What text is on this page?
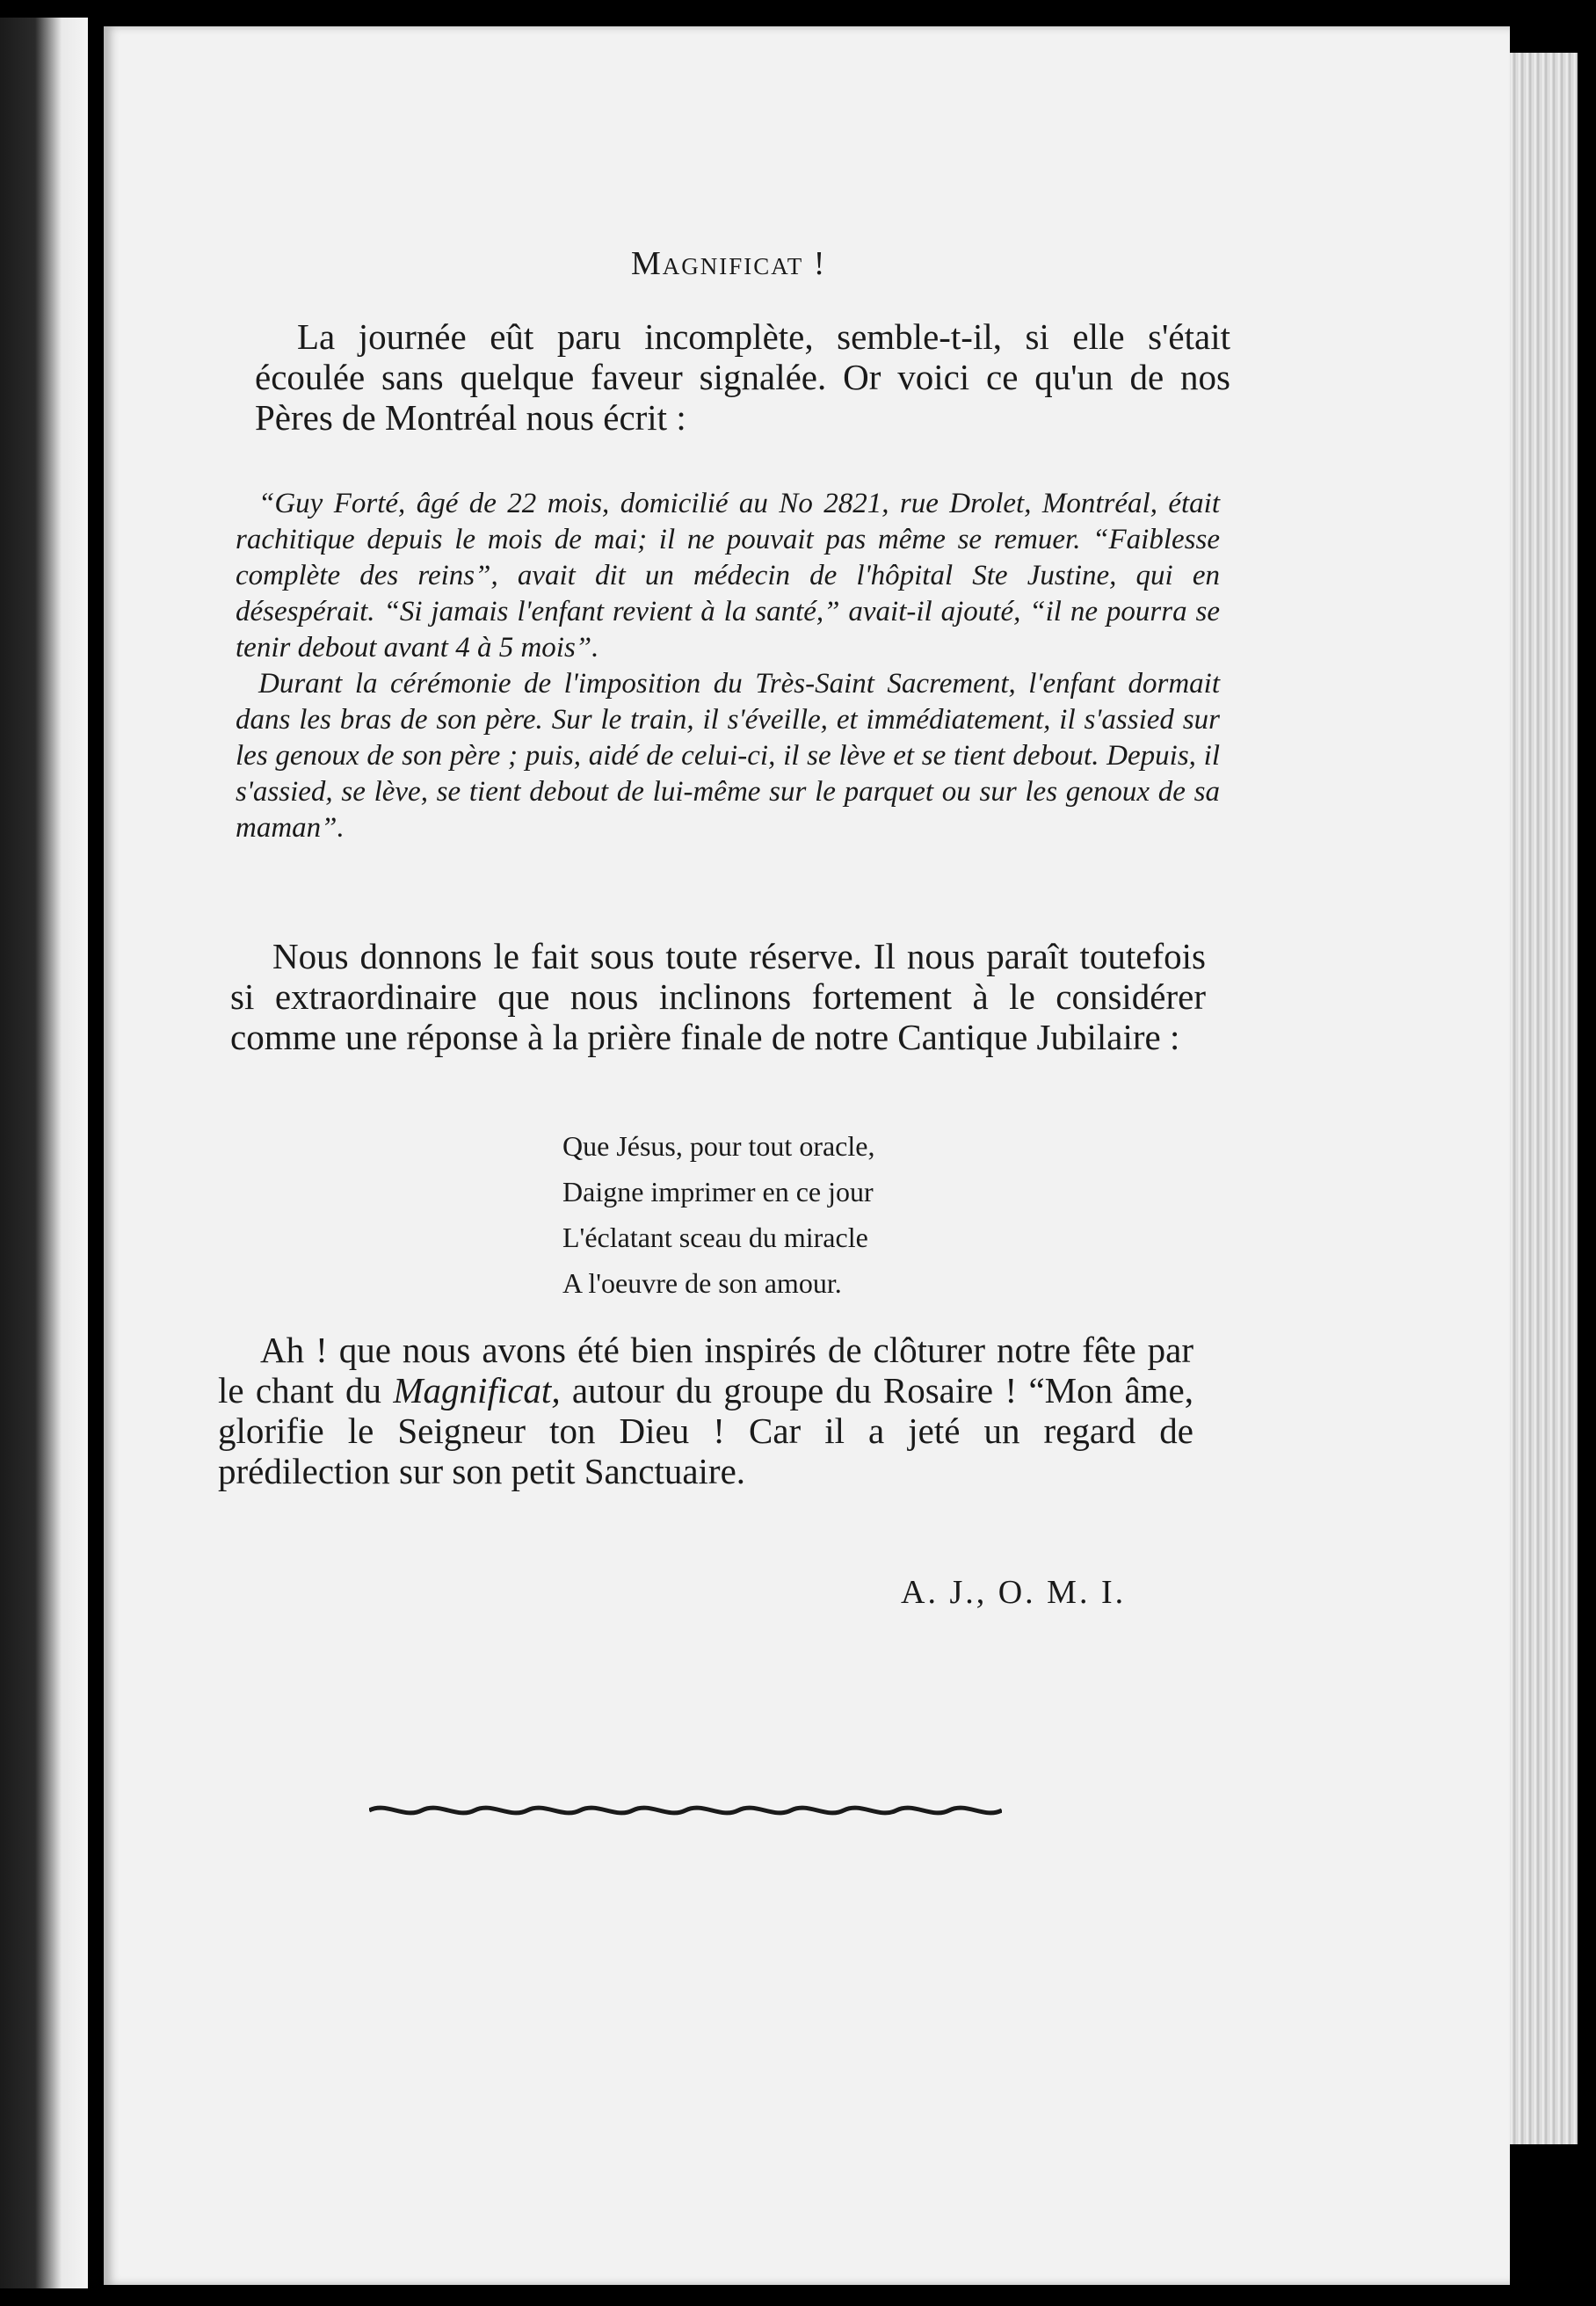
Magnificat !

La journée eût paru incomplète, semble-t-il, si elle s'était écoulée sans quelque faveur signalée. Or voici ce qu'un de nos Pères de Montréal nous écrit :

“Guy Forté, âgé de 22 mois, domicilié au No 2821, rue Drolet, Montréal, était rachitique depuis le mois de mai; il ne pouvait pas même se remuer. “Faiblesse complète des reins”, avait dit un médecin de l'hôpital Ste Justine, qui en désespérait. “Si jamais l'enfant revient à la santé,” avait-il ajouté, “il ne pourra se tenir debout avant 4 à 5 mois”.

Durant la cérémonie de l'imposition du Très-Saint Sacrement, l'enfant dormait dans les bras de son père. Sur le train, il s'éveille, et immédiatement, il s'assied sur les genoux de son père ; puis, aidé de celui-ci, il se lève et se tient debout. Depuis, il s'assied, se lève, se tient debout de lui-même sur le parquet ou sur les genoux de sa maman”.

Nous donnons le fait sous toute réserve. Il nous paraît toutefois si extraordinaire que nous inclinons fortement à le considérer comme une réponse à la prière finale de notre Cantique Jubilaire :

Que Jésus, pour tout oracle,
Daigne imprimer en ce jour
L'éclatant sceau du miracle
A l'oeuvre de son amour.

Ah ! que nous avons été bien inspirés de clôturer notre fête par le chant du Magnificat, autour du groupe du Rosaire ! “Mon âme, glorifie le Seigneur ton Dieu ! Car il a jeté un regard de prédilection sur son petit Sanctuaire.

A. J., O. M. I.
